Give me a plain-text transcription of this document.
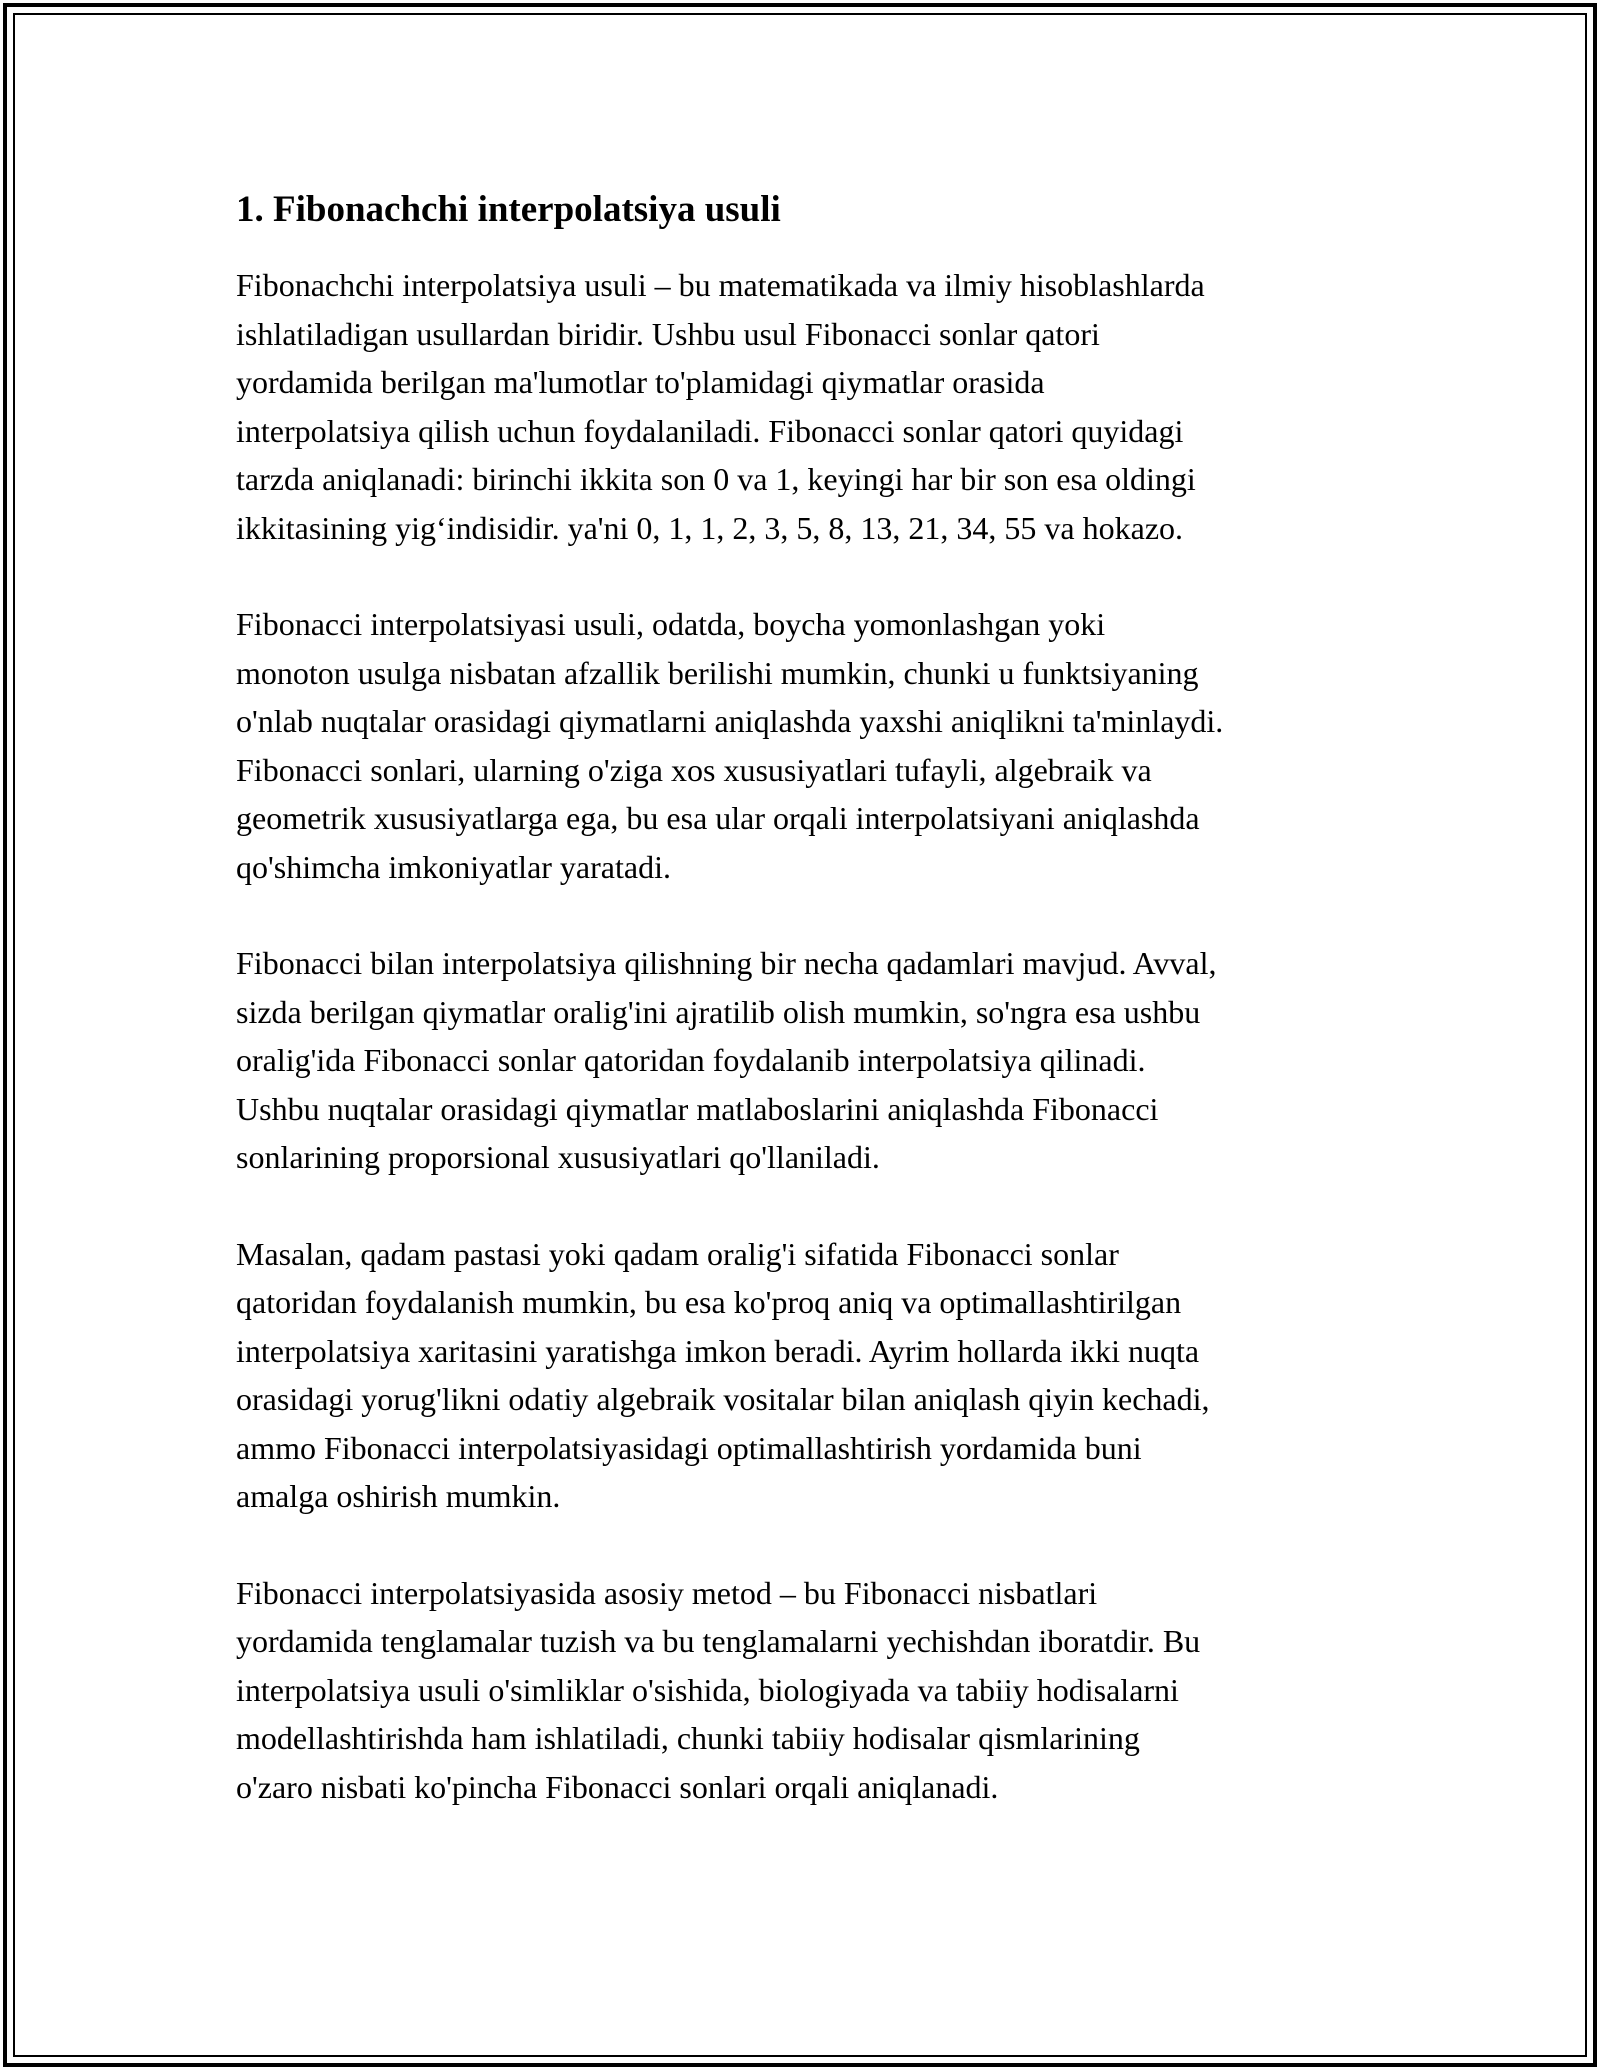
1. Fibonachchi interpolatsiya usuli

Fibonachchi interpolatsiya usuli – bu matematikada va ilmiy hisoblashlarda
ishlatiladigan usullardan biridir. Ushbu usul Fibonacci sonlar qatori
yordamida berilgan ma'lumotlar to'plamidagi qiymatlar orasida
interpolatsiya qilish uchun foydalaniladi. Fibonacci sonlar qatori quyidagi
tarzda aniqlanadi: birinchi ikkita son 0 va 1, keyingi har bir son esa oldingi
ikkitasining yig‘indisidir. ya'ni 0, 1, 1, 2, 3, 5, 8, 13, 21, 34, 55 va hokazo.

Fibonacci interpolatsiyasi usuli, odatda, boycha yomonlashgan yoki
monoton usulga nisbatan afzallik berilishi mumkin, chunki u funktsiyaning
o'nlab nuqtalar orasidagi qiymatlarni aniqlashda yaxshi aniqlikni ta'minlaydi.
Fibonacci sonlari, ularning o'ziga xos xususiyatlari tufayli, algebraik va
geometrik xususiyatlarga ega, bu esa ular orqali interpolatsiyani aniqlashda
qo'shimcha imkoniyatlar yaratadi.

Fibonacci bilan interpolatsiya qilishning bir necha qadamlari mavjud. Avval,
sizda berilgan qiymatlar oralig'ini ajratilib olish mumkin, so'ngra esa ushbu
oralig'ida Fibonacci sonlar qatoridan foydalanib interpolatsiya qilinadi.
Ushbu nuqtalar orasidagi qiymatlar matlaboslarini aniqlashda Fibonacci
sonlarining proporsional xususiyatlari qo'llaniladi.

Masalan, qadam pastasi yoki qadam oralig'i sifatida Fibonacci sonlar
qatoridan foydalanish mumkin, bu esa ko'proq aniq va optimallashtirilgan
interpolatsiya xaritasini yaratishga imkon beradi. Ayrim hollarda ikki nuqta
orasidagi yorug'likni odatiy algebraik vositalar bilan aniqlash qiyin kechadi,
ammo Fibonacci interpolatsiyasidagi optimallashtirish yordamida buni
amalga oshirish mumkin.

Fibonacci interpolatsiyasida asosiy metod – bu Fibonacci nisbatlari
yordamida tenglamalar tuzish va bu tenglamalarni yechishdan iboratdir. Bu
interpolatsiya usuli o'simliklar o'sishida, biologiyada va tabiiy hodisalarni
modellashtirishda ham ishlatiladi, chunki tabiiy hodisalar qismlarining
o'zaro nisbati ko'pincha Fibonacci sonlari orqali aniqlanadi.
